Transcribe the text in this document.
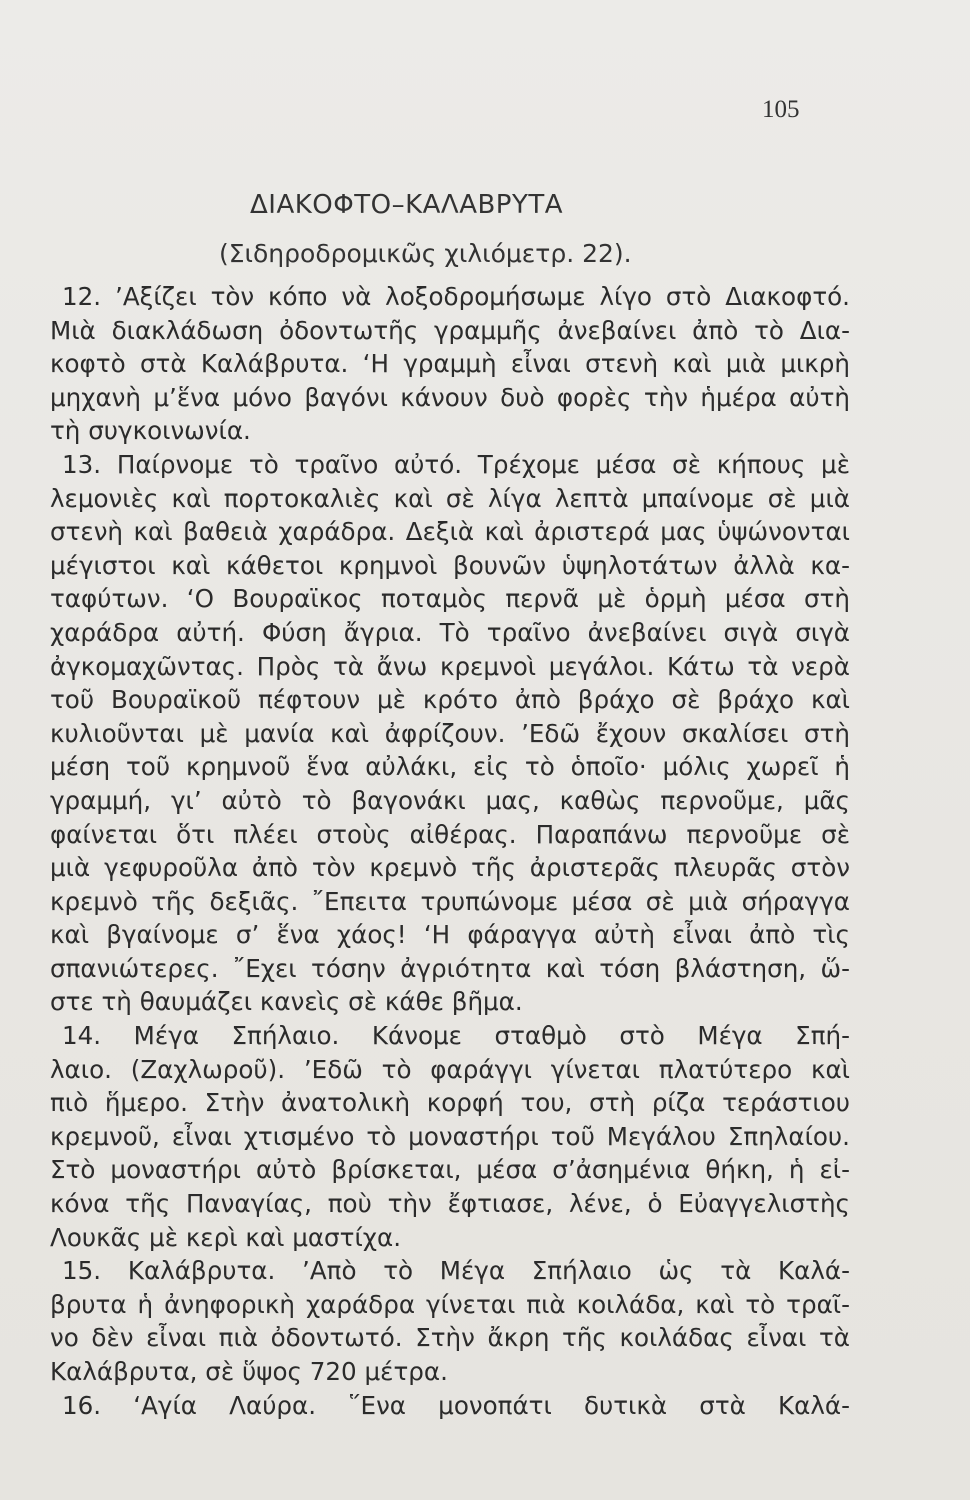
105
ΔΙΑΚΟΦΤΟ–ΚΑΛΑΒΡΥΤΑ
(Σιδηροδρομικῶς χιλιόμετρ. 22).
12. ’Αξίζει τὸν κόπο νὰ λοξοδρομήσωμε λίγο στὸ Διακοφτό.
Μιὰ διακλάδωση ὀδοντωτῆς γραμμῆς ἀνεβαίνει ἀπὸ τὸ Δια-
κοφτὸ στὰ Καλάβρυτα. ‘Η γραμμὴ εἶναι στενὴ καὶ μιὰ μικρὴ
μηχανὴ μ’ἕνα μόνο βαγόνι κάνουν δυὸ φορὲς τὴν ἡμέρα αὐτὴ
τὴ συγκοινωνία.
13. Παίρνομε τὸ τραῖνο αὐτό. Τρέχομε μέσα σὲ κήπους μὲ
λεμονιὲς καὶ πορτοκαλιὲς καὶ σὲ λίγα λεπτὰ μπαίνομε σὲ μιὰ
στενὴ καὶ βαθειὰ χαράδρα. Δεξιὰ καὶ ἀριστερά μας ὑψώνονται
μέγιστοι καὶ κάθετοι κρημνοὶ βουνῶν ὑψηλοτάτων ἀλλὰ κα-
ταφύτων. ‘Ο Βουραϊκος ποταμὸς περνᾶ μὲ ὁρμὴ μέσα στὴ
χαράδρα αὐτή. Φύση ἄγρια. Τὸ τραῖνο ἀνεβαίνει σιγὰ σιγὰ
ἀγκομαχῶντας. Πρὸς τὰ ἄνω κρεμνοὶ μεγάλοι. Κάτω τὰ νερὰ
τοῦ Βουραϊκοῦ πέφτουν μὲ κρότο ἀπὸ βράχο σὲ βράχο καὶ
κυλιοῦνται μὲ μανία καὶ ἀφρίζουν. ’Εδῶ ἔχουν σκαλίσει στὴ
μέση τοῦ κρημνοῦ ἕνα αὐλάκι, εἰς τὸ ὁποῖο· μόλις χωρεῖ ἡ
γραμμή, γι’ αὐτὸ τὸ βαγονάκι μας, καθὼς περνοῦμε, μᾶς
φαίνεται ὅτι πλέει στοὺς αἰθέρας. Παραπάνω περνοῦμε σὲ
μιὰ γεφυροῦλα ἀπὸ τὸν κρεμνὸ τῆς ἀριστερᾶς πλευρᾶς στὸν
κρεμνὸ τῆς δεξιᾶς. ῎Επειτα τρυπώνομε μέσα σὲ μιὰ σήραγγα
καὶ βγαίνομε σ’ ἕνα χάος! ‘Η φάραγγα αὐτὴ εἶναι ἀπὸ τὶς
σπανιώτερες. ῎Εχει τόσην ἀγριότητα καὶ τόση βλάστηση, ὥ-
στε τὴ θαυμάζει κανεὶς σὲ κάθε βῆμα.
14. Μέγα Σπήλαιο. Κάνομε σταθμὸ στὸ Μέγα Σπή-
λαιο. (Ζαχλωροῦ). ’Εδῶ τὸ φαράγγι γίνεται πλατύτερο καὶ
πιὸ ἥμερο. Στὴν ἀνατολικὴ κορφή του, στὴ ρίζα τεράστιου
κρεμνοῦ, εἶναι χτισμένο τὸ μοναστήρι τοῦ Μεγάλου Σπηλαίου.
Στὸ μοναστήρι αὐτὸ βρίσκεται, μέσα σ’ἀσημένια θήκη, ἡ εἰ-
κόνα τῆς Παναγίας, ποὺ τὴν ἔφτιασε, λένε, ὁ Εὐαγγελιστὴς
Λουκᾶς μὲ κερὶ καὶ μαστίχα.
15. Καλάβρυτα. ’Απὸ τὸ Μέγα Σπήλαιο ὡς τὰ Καλά-
βρυτα ἡ ἀνηφορικὴ χαράδρα γίνεται πιὰ κοιλάδα, καὶ τὸ τραῖ-
νο δὲν εἶναι πιὰ ὀδοντωτό. Στὴν ἄκρη τῆς κοιλάδας εἶναι τὰ
Καλάβρυτα, σὲ ὕψος 720 μέτρα.
16. ‘Αγία Λαύρα. ῞Ενα μονοπάτι δυτικὰ στὰ Καλά-
